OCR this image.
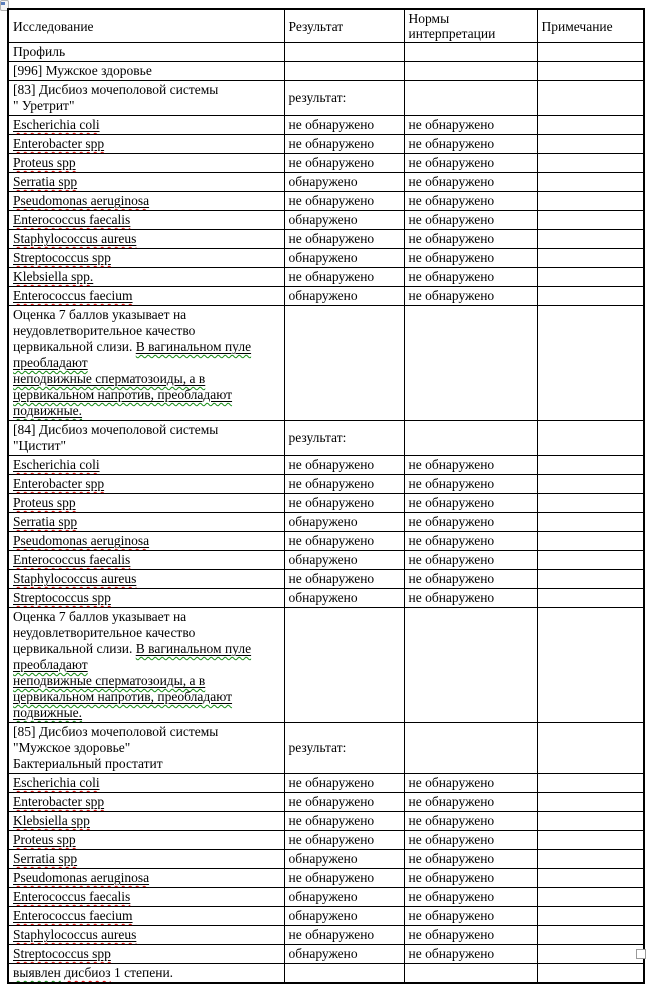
Исследование	Результат	Нормы интерпретации	Примечание
Профиль			
[996] Мужское здоровье			
[83] Дисбиоз мочеполовой системы
" Уретрит"	результат:		
Escherichia coli	не обнаружено	не обнаружено	
Enterobacter spp	не обнаружено	не обнаружено	
Proteus spp	не обнаружено	не обнаружено	
Serratia spp	обнаружено	не обнаружено	
Pseudomonas aeruginosa	не обнаружено	не обнаружено	
Enterococcus faecalis	обнаружено	не обнаружено	
Staphylococcus aureus	не обнаружено	не обнаружено	
Streptococcus spp	обнаружено	не обнаружено	
Klebsiella spp.	не обнаружено	не обнаружено	
Enterococcus faecium	обнаружено	не обнаружено	
Оценка 7 баллов указывает на
неудовлетворительное качество
цервикальной слизи. В вагинальном пуле
преобладают
неподвижные сперматозоиды, а в
цервикальном напротив, преобладают
подвижные.			
[84] Дисбиоз мочеполовой системы
"Цистит"	результат:		
Escherichia coli	не обнаружено	не обнаружено	
Enterobacter spp	не обнаружено	не обнаружено	
Proteus spp	не обнаружено	не обнаружено	
Serratia spp	обнаружено	не обнаружено	
Pseudomonas aeruginosa	не обнаружено	не обнаружено	
Enterococcus faecalis	обнаружено	не обнаружено	
Staphylococcus aureus	не обнаружено	не обнаружено	
Streptococcus spp	обнаружено	не обнаружено	
Оценка 7 баллов указывает на
неудовлетворительное качество
цервикальной слизи. В вагинальном пуле
преобладают
неподвижные сперматозоиды, а в
цервикальном напротив, преобладают
подвижные.			
[85] Дисбиоз мочеполовой системы
"Мужское здоровье"
Бактериальный простатит	результат:		
Escherichia coli	не обнаружено	не обнаружено	
Enterobacter spp	не обнаружено	не обнаружено	
Klebsiella spp	не обнаружено	не обнаружено	
Proteus spp	не обнаружено	не обнаружено	
Serratia spp	обнаружено	не обнаружено	
Pseudomonas aeruginosa	не обнаружено	не обнаружено	
Enterococcus faecalis	обнаружено	не обнаружено	
Enterococcus faecium	обнаружено	не обнаружено	
Staphylococcus aureus	не обнаружено	не обнаружено	
Streptococcus spp	обнаружено	не обнаружено	
выявлен дисбиоз 1 степени.			
